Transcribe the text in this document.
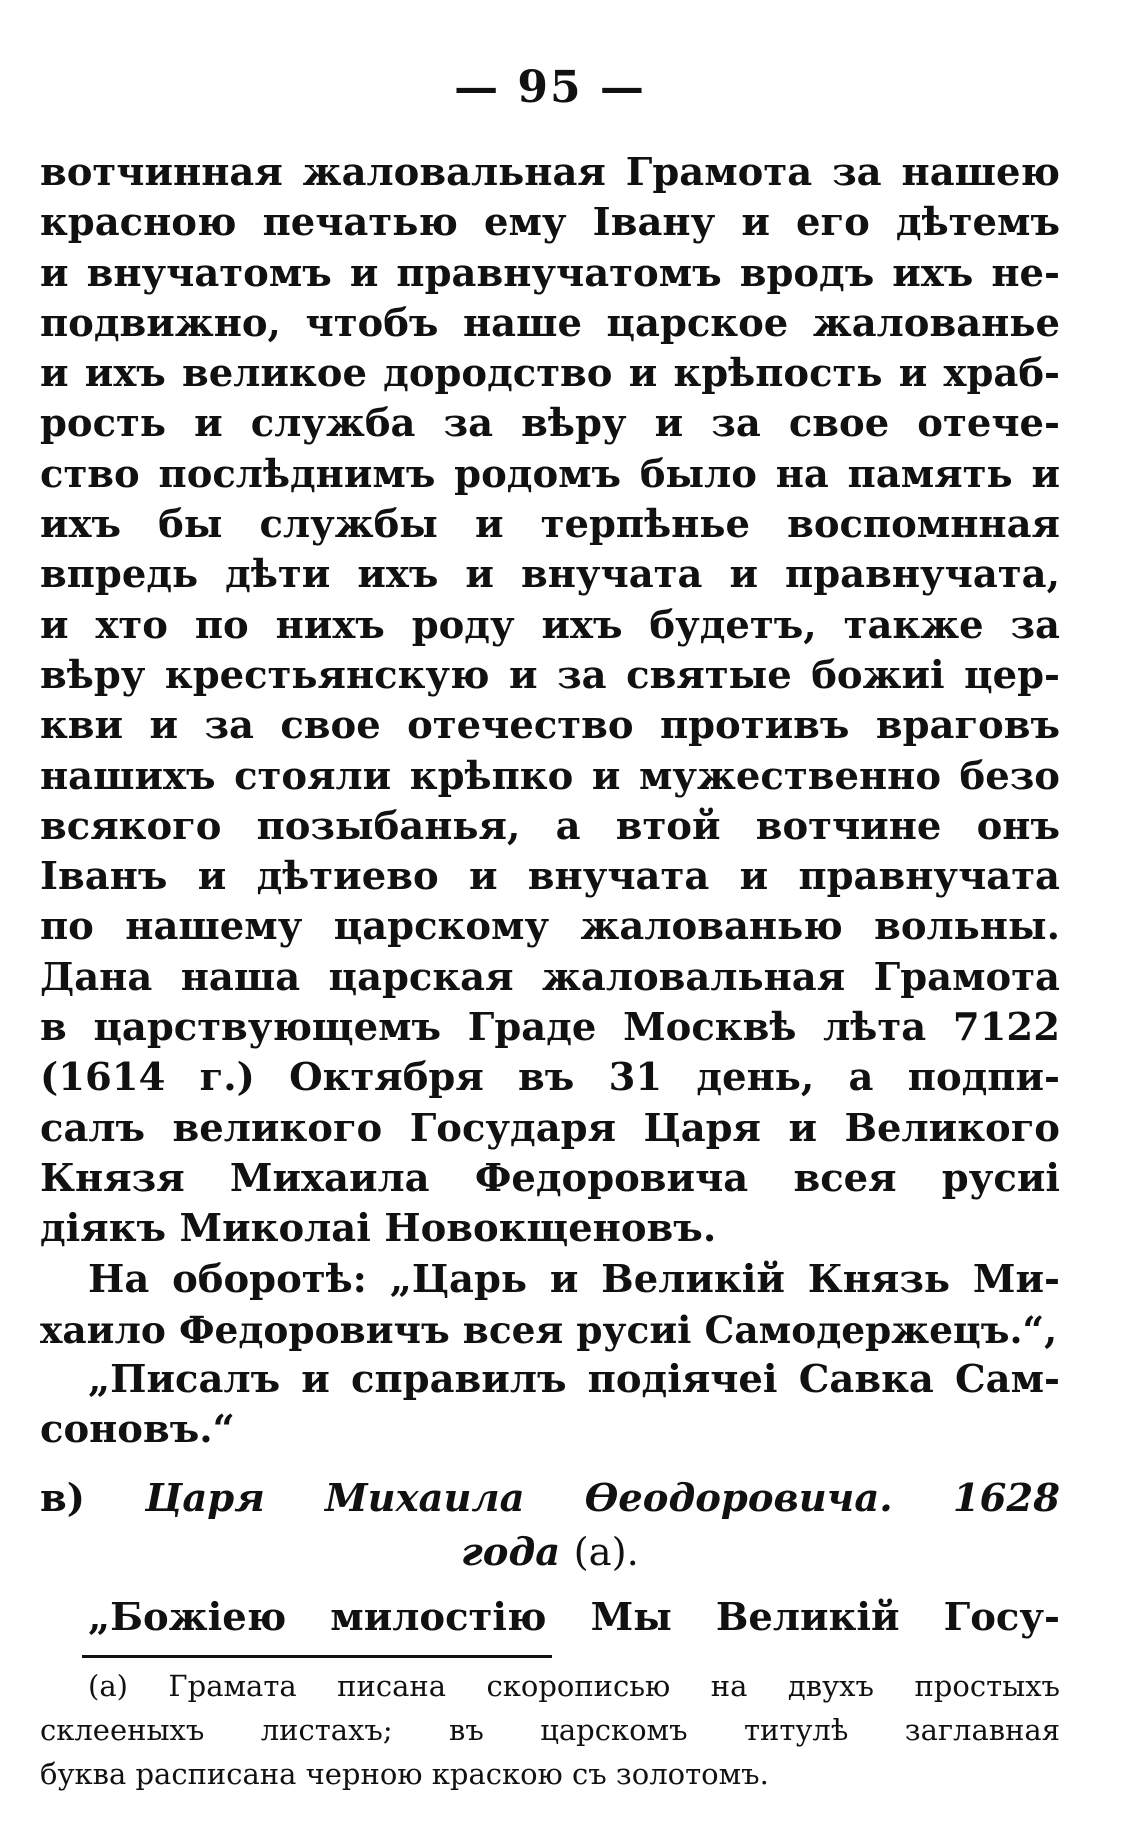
— 95 —
вотчинная жаловальная Грамота за нашею
красною печатью ему Івану и его дѣтемъ
и внучатомъ и правнучатомъ вродъ ихъ не-
подвижно, чтобъ наше царское жалованье
и ихъ великое дородство и крѣпость и храб-
рость и служба за вѣру и за свое отече-
ство послѣднимъ родомъ было на память и
ихъ бы службы и терпѣнье воспомнная
впредь дѣти ихъ и внучата и правнучата,
и хто по нихъ роду ихъ будетъ, также за
вѣру крестьянскую и за святые божиі цер-
кви и за свое отечество противъ враговъ
нашихъ стояли крѣпко и мужественно безо
всякого позыбанья, а втой вотчине онъ
Іванъ и дѣтиево и внучата и правнучата
по нашему царскому жалованью вольны.
Дана наша царская жаловальная Грамота
в царствующемъ Граде Москвѣ лѣта 7122
(1614 г.) Октября въ 31 день, а подпи-
салъ великого Государя Царя и Великого
Князя Михаила Федоровича всея русиі
діякъ Миколаі Новокщеновъ.
На оборотѣ: „Царь и Великій Князь Ми-
хаило Федоровичъ всея русиі Самодержецъ.“,
„Писалъ и справилъ подіячеі Савка Сам-
соновъ.“
в) Царя Михаила Ѳеодоровича. 1628
года (а).
„Божіею милостію Мы Великій Госу-
(а) Грамата писана скорописью на двухъ простыхъ
склееныхъ листахъ; въ царскомъ титулѣ заглавная
буква расписана черною краскою съ золотомъ.
